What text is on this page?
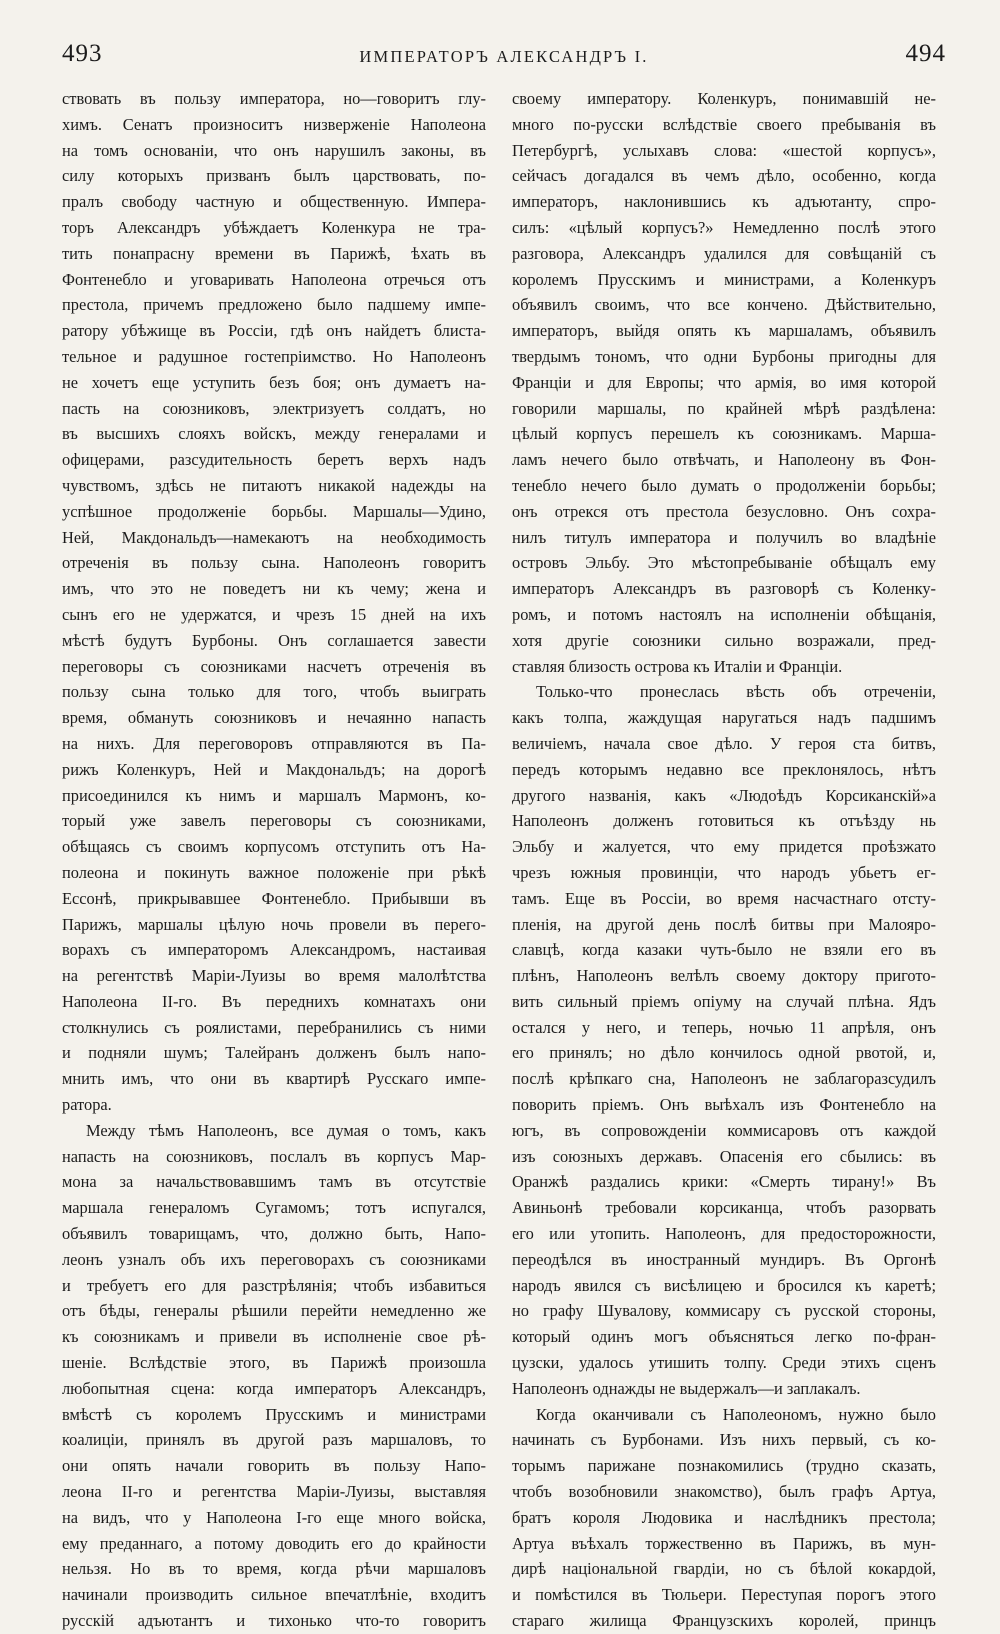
493	ИМПЕРАТОРЪ АЛЕКСАНДРЪ I.	494
ствовать въ пользу императора, но—говоритъ глу-
химъ. Сенатъ произноситъ низверженіе Наполеона
на томъ основаніи, что онъ нарушилъ законы, въ
силу которыхъ призванъ былъ царствовать, по-
пралъ свободу частную и общественную. Импера-
торъ Александръ убѣждаетъ Коленкура не тра-
тить понапрасну времени въ Парижѣ, ѣхать въ
Фонтенебло и уговаривать Наполеона отречься отъ
престола, причемъ предложено было падшему импе-
ратору убѣжище въ Россіи, гдѣ онъ найдетъ блиста-
тельное и радушное гостепріимство. Но Наполеонъ
не хочетъ еще уступить безъ боя; онъ думаетъ на-
пасть на союзниковъ, электризуетъ солдатъ, но
въ высшихъ слояхъ войскъ, между генералами и
офицерами, разсудительность беретъ верхъ надъ
чувствомъ, здѣсь не питаютъ никакой надежды на
успѣшное продолженіе борьбы. Маршалы—Удино,
Ней, Макдональдъ—намекаютъ на необходимость
отреченія въ пользу сына. Наполеонъ говоритъ
имъ, что это не поведетъ ни къ чему; жена и
сынъ его не удержатся, и чрезъ 15 дней на ихъ
мѣстѣ будутъ Бурбоны. Онъ соглашается завести
переговоры съ союзниками насчетъ отреченія въ
пользу сына только для того, чтобъ выиграть
время, обмануть союзниковъ и нечаянно напасть
на нихъ. Для переговоровъ отправляются въ Па-
рижъ Коленкуръ, Ней и Макдональдъ; на дорогѣ
присоединился къ нимъ и маршалъ Мармонъ, ко-
торый уже завелъ переговоры съ союзниками,
обѣщаясь съ своимъ корпусомъ отступить отъ На-
полеона и покинуть важное положеніе при рѣкѣ
Ессонѣ, прикрывавшее Фонтенебло. Прибывши въ
Парижъ, маршалы цѣлую ночь провели въ перего-
ворахъ съ императоромъ Александромъ, настаивая
на регентствѣ Маріи-Луизы во время малолѣтства
Наполеона II-го. Въ переднихъ комнатахъ они
столкнулись съ роялистами, перебранились съ ними
и подняли шумъ; Талейранъ долженъ былъ напо-
мнить имъ, что они въ квартирѣ Русскаго импе-
ратора.
Между тѣмъ Наполеонъ, все думая о томъ, какъ
напасть на союзниковъ, послалъ въ корпусъ Мар-
мона за начальствовавшимъ тамъ въ отсутствіе
маршала генераломъ Сугамомъ; тотъ испугался,
объявилъ товарищамъ, что, должно быть, Напо-
леонъ узналъ объ ихъ переговорахъ съ союзниками
и требуетъ его для разстрѣлянія; чтобъ избавиться
отъ бѣды, генералы рѣшили перейти немедленно же
къ союзникамъ и привели въ исполненіе свое рѣ-
шеніе. Вслѣдствіе этого, въ Парижѣ произошла
любопытная сцена: когда императоръ Александръ,
вмѣстѣ съ королемъ Прусскимъ и министрами
коалиціи, принялъ въ другой разъ маршаловъ, то
они опять начали говорить въ пользу Напо-
леона II-го и регентства Маріи-Луизы, выставляя
на видъ, что у Наполеона I-го еще много войска,
ему преданнаго, а потому доводить его до крайности
нельзя. Но въ то время, когда рѣчи маршаловъ
начинали производить сильное впечатлѣніе, входитъ
русскій адъютантъ и тихонько что-то говоритъ
своему императору. Коленкуръ, понимавшій не-
много по-русски вслѣдствіе своего пребыванія въ
Петербургѣ, услыхавъ слова: «шестой корпусъ»,
сейчасъ догадался въ чемъ дѣло, особенно, когда
императоръ, наклонившись къ адъютанту, спро-
силъ: «цѣлый корпусъ?» Немедленно послѣ этого
разговора, Александръ удалился для совѣщаній съ
королемъ Прусскимъ и министрами, а Коленкуръ
объявилъ своимъ, что все кончено. Дѣйствительно,
императоръ, выйдя опять къ маршаламъ, объявилъ
твердымъ тономъ, что одни Бурбоны пригодны для
Франціи и для Европы; что армія, во имя которой
говорили маршалы, по крайней мѣрѣ раздѣлена:
цѣлый корпусъ перешелъ къ союзникамъ. Марша-
ламъ нечего было отвѣчать, и Наполеону въ Фон-
тенебло нечего было думать о продолженіи борьбы;
онъ отрекся отъ престола безусловно. Онъ сохра-
нилъ титулъ императора и получилъ во владѣніе
островъ Эльбу. Это мѣстопребываніе обѣщалъ ему
императоръ Александръ въ разговорѣ съ Коленку-
ромъ, и потомъ настоялъ на исполненіи обѣщанія,
хотя другіе союзники сильно возражали, пред-
ставляя близость острова къ Италіи и Франціи.
Только-что пронеслась вѣсть объ отреченіи,
какъ толпа, жаждущая наругаться надъ падшимъ
величіемъ, начала свое дѣло. У героя ста битвъ,
передъ которымъ недавно все преклонялось, нѣтъ
другого названія, какъ «Людоѣдъ Корсиканскій»а
Наполеонъ долженъ готовиться къ отъѣзду нь
Эльбу и жалуется, что ему придется проѣзжато
чрезъ южныя провинціи, что народъ убьетъ ег-
тамъ. Еще въ Россіи, во время насчастнаго отсту-
пленія, на другой день послѣ битвы при Малояро-
славцѣ, когда казаки чуть-было не взяли его въ
плѣнъ, Наполеонъ велѣлъ своему доктору пригото-
вить сильный пріемъ опіуму на случай плѣна. Ядъ
остался у него, и теперь, ночью 11 апрѣля, онъ
его принялъ; но дѣло кончилось одной рвотой, и,
послѣ крѣпкаго сна, Наполеонъ не заблагоразсудилъ
поворить пріемъ. Онъ выѣхалъ изъ Фонтенебло на
югъ, въ сопровожденіи коммисаровъ отъ каждой
изъ союзныхъ державъ. Опасенія его сбылись: въ
Оранжѣ раздались крики: «Смерть тирану!» Въ
Авиньонѣ требовали корсиканца, чтобъ разорвать
его или утопить. Наполеонъ, для предосторожности,
переодѣлся въ иностранный мундиръ. Въ Оргонѣ
народъ явился съ висѣлицею и бросился къ каретѣ;
но графу Шувалову, коммисару съ русской стороны,
который одинъ могъ объясняться легко по-фран-
цузски, удалось утишить толпу. Среди этихъ сценъ
Наполеонъ однажды не выдержалъ—и заплакалъ.
Когда оканчивали съ Наполеономъ, нужно было
начинать съ Бурбонами. Изъ нихъ первый, съ ко-
торымъ парижане познакомились (трудно сказать,
чтобъ возобновили знакомство), былъ графъ Артуа,
братъ короля Людовика и наслѣдникъ престола;
Артуа въѣхалъ торжественно въ Парижъ, въ мун-
дирѣ національной гвардіи, но съ бѣлой кокардой,
и помѣстился въ Тюльери. Переступая порогъ этого
стараго жилища Французскихъ королей, принцъ
